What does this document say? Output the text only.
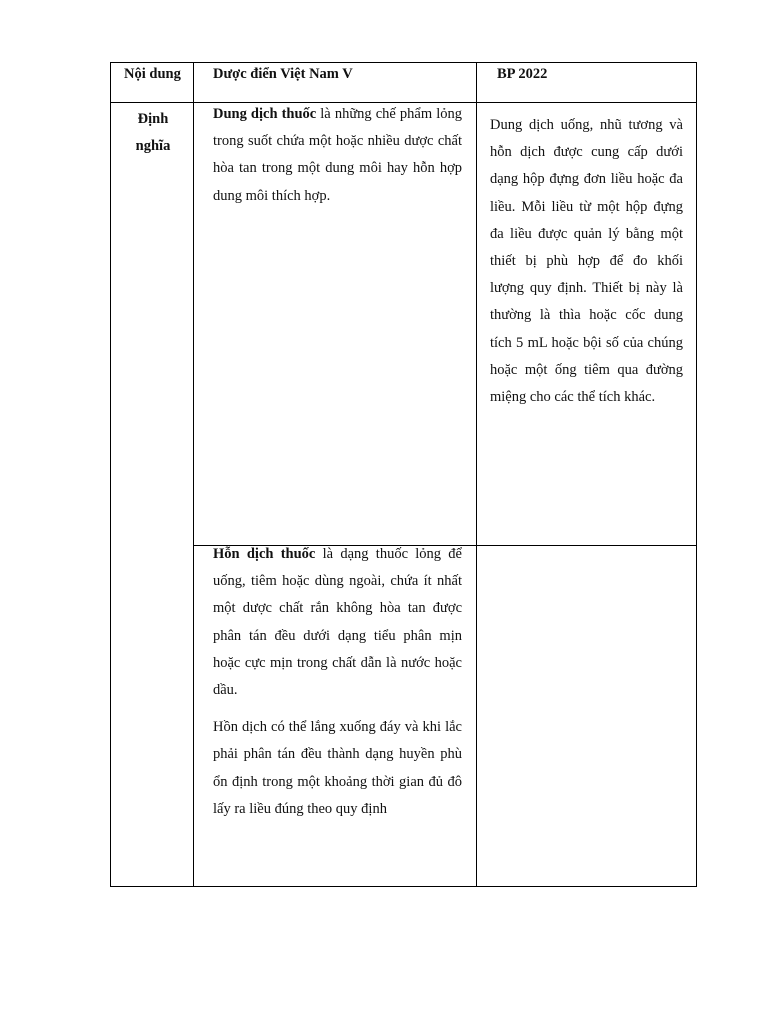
Nội dung Dược điển Việt Nam V	BP 2022
Định nghĩa

Dung dịch thuốc là những chế phẩm lỏng trong suốt chứa một hoặc nhiều dược chất hòa tan trong một dung môi hay hỗn hợp dung môi thích hợp.

Dung dịch uống, nhũ tương và hỗn dịch được cung cấp dưới dạng hộp đựng đơn liều hoặc đa liều. Mỗi liều từ một hộp đựng đa liều được quản lý bằng một thiết bị phù hợp để đo khối lượng quy định. Thiết bị này là thường là thìa hoặc cốc dung tích 5 mL hoặc bội số của chúng hoặc một ống tiêm qua đường miệng cho các thể tích khác.

Hỗn dịch thuốc là dạng thuốc lỏng để uống, tiêm hoặc dùng ngoài, chứa ít nhất một dược chất rắn không hòa tan được phân tán đều dưới dạng tiểu phân mịn hoặc cực mịn trong chất dẫn là nước hoặc dầu.

Hồn dịch có thể lắng xuống đáy và khi lắc phải phân tán đều thành dạng huyền phù ổn định trong một khoảng thời gian đủ đô lấy ra liều đúng theo quy định
